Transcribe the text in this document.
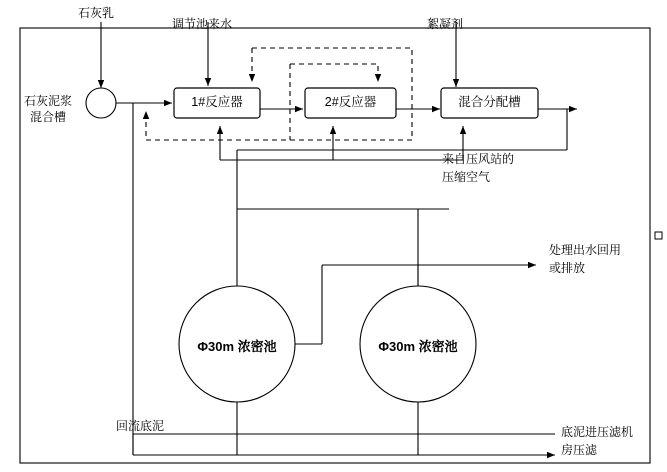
石灰乳
调节池来水	絮凝剂
石灰泥浆
混合槽
1#反应器	2#反应器	混合分配槽
来自压风站的
压缩空气
Φ30m 浓密池	Φ30m 浓密池
处理出水回用
或排放
回流底泥	底泥进压滤机
房压滤
